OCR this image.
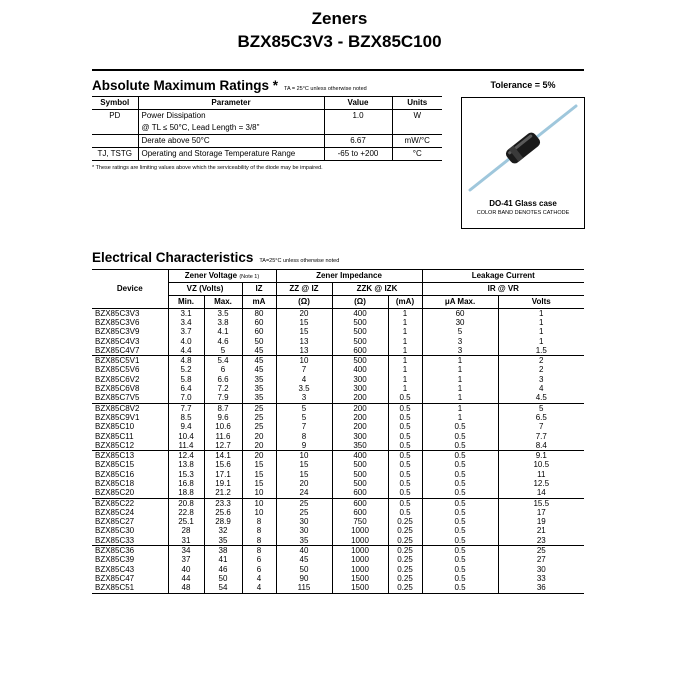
Zeners
BZX85C3V3 - BZX85C100
Absolute Maximum Ratings * TA = 25°C unless otherwise noted
Symbol	Parameter	Value	Units
PD	Power Dissipation	1.0	W
	@ TL ≤ 50°C, Lead Length = 3/8"		
	Derate above 50°C	6.67	mW/°C
TJ, TSTG	Operating and Storage Temperature Range	-65 to +200	°C
* These ratings are limiting values above which the serviceability of the diode may be impaired.
Tolerance = 5%
DO-41 Glass case
COLOR BAND DENOTES CATHODE
Electrical Characteristics TA=25°C unless otherwise noted
Device	Zener Voltage (Note 1)			Zener Impedance			Leakage Current	
	VZ (Volts)		IZ	ZZ @ IZ	ZZK @ IZK		IR @ VR	
	Min.	Max.	mA	(Ω)	(Ω)	(mA)	μA Max.	Volts
BZX85C3V3	3.1	3.5	80	20	400	1	60	1
BZX85C3V6	3.4	3.8	60	15	500	1	30	1
BZX85C3V9	3.7	4.1	60	15	500	1	5	1
BZX85C4V3	4.0	4.6	50	13	500	1	3	1
BZX85C4V7	4.4	5	45	13	600	1	3	1.5
BZX85C5V1	4.8	5.4	45	10	500	1	1	2
BZX85C5V6	5.2	6	45	7	400	1	1	2
BZX85C6V2	5.8	6.6	35	4	300	1	1	3
BZX85C6V8	6.4	7.2	35	3.5	300	1	1	4
BZX85C7V5	7.0	7.9	35	3	200	0.5	1	4.5
BZX85C8V2	7.7	8.7	25	5	200	0.5	1	5
BZX85C9V1	8.5	9.6	25	5	200	0.5	1	6.5
BZX85C10	9.4	10.6	25	7	200	0.5	0.5	7
BZX85C11	10.4	11.6	20	8	300	0.5	0.5	7.7
BZX85C12	11.4	12.7	20	9	350	0.5	0.5	8.4
BZX85C13	12.4	14.1	20	10	400	0.5	0.5	9.1
BZX85C15	13.8	15.6	15	15	500	0.5	0.5	10.5
BZX85C16	15.3	17.1	15	15	500	0.5	0.5	11
BZX85C18	16.8	19.1	15	20	500	0.5	0.5	12.5
BZX85C20	18.8	21.2	10	24	600	0.5	0.5	14
BZX85C22	20.8	23.3	10	25	600	0.5	0.5	15.5
BZX85C24	22.8	25.6	10	25	600	0.5	0.5	17
BZX85C27	25.1	28.9	8	30	750	0.25	0.5	19
BZX85C30	28	32	8	30	1000	0.25	0.5	21
BZX85C33	31	35	8	35	1000	0.25	0.5	23
BZX85C36	34	38	8	40	1000	0.25	0.5	25
BZX85C39	37	41	6	45	1000	0.25	0.5	27
BZX85C43	40	46	6	50	1000	0.25	0.5	30
BZX85C47	44	50	4	90	1500	0.25	0.5	33
BZX85C51	48	54	4	115	1500	0.25	0.5	36
